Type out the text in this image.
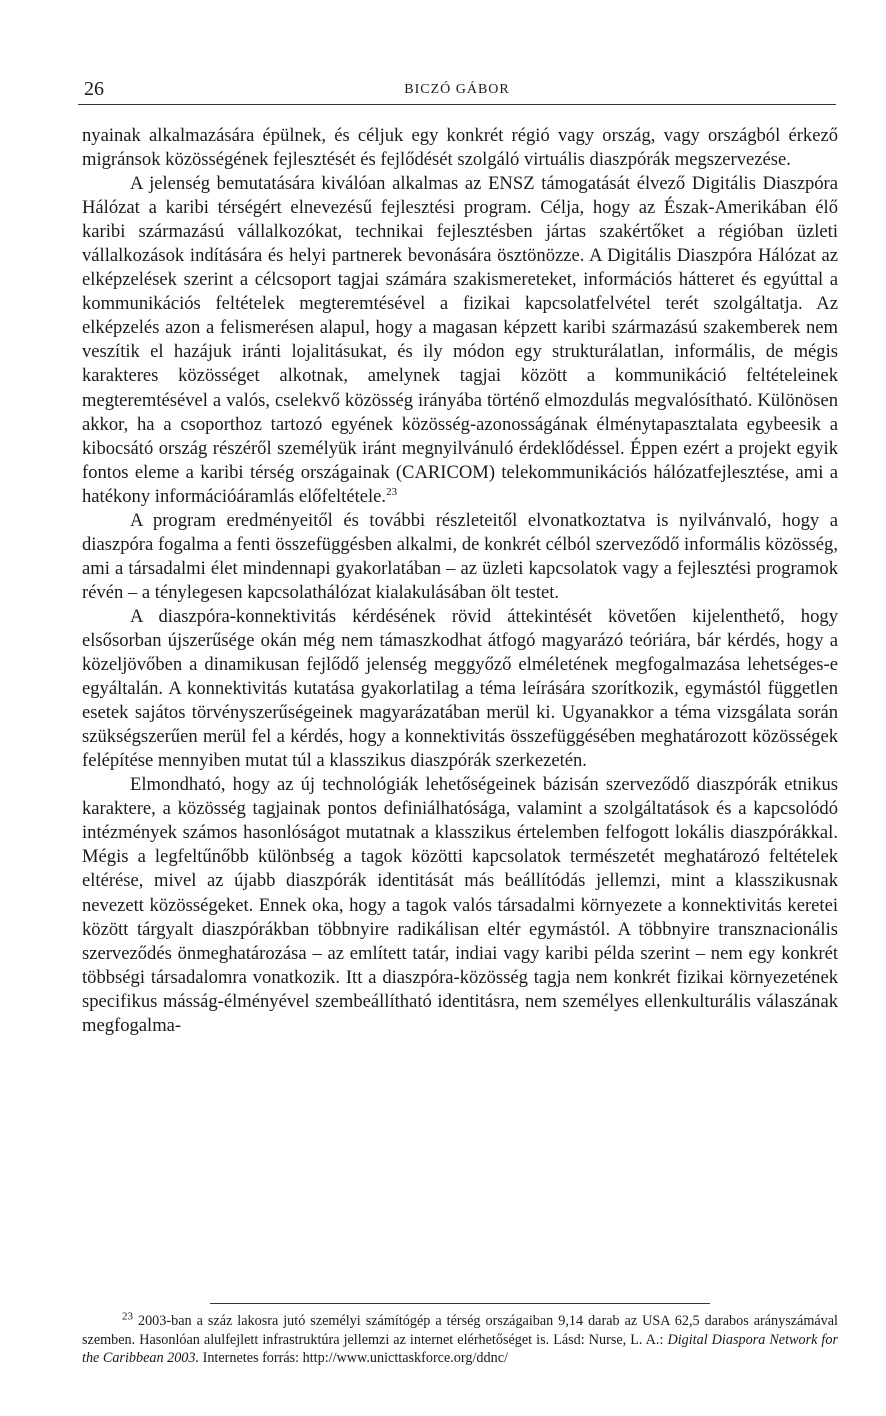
26	BICZÓ GÁBOR

nyainak alkalmazására épülnek, és céljuk egy konkrét régió vagy ország, vagy országból érkező migránsok közösségének fejlesztését és fejlődését szolgáló virtuális diaszpórák megszervezése.

A jelenség bemutatására kiválóan alkalmas az ENSZ támogatását élvező Digitális Diaszpóra Hálózat a karibi térségért elnevezésű fejlesztési program. Célja, hogy az Észak-Amerikában élő karibi származású vállalkozókat, technikai fejlesztésben jártas szakértőket a régióban üzleti vállalkozások indítására és helyi partnerek bevonására ösztönözze. A Digitális Diaszpóra Hálózat az elképzelések szerint a célcsoport tagjai számára szakismereteket, információs hátteret és egyúttal a kommunikációs feltételek megteremtésével a fizikai kapcsolatfelvétel terét szolgáltatja. Az elképzelés azon a felismerésen alapul, hogy a magasan képzett karibi származású szakemberek nem veszítik el hazájuk iránti lojalitásukat, és ily módon egy strukturálatlan, informális, de mégis karakteres közösséget alkotnak, amelynek tagjai között a kommunikáció feltételeinek megteremtésével a valós, cselekvő közösség irányába történő elmozdulás megvalósítható. Különösen akkor, ha a csoporthoz tartozó egyének közösség-azonosságának élménytapasztalata egybeesik a kibocsátó ország részéről személyük iránt megnyilvánuló érdeklődéssel. Éppen ezért a projekt egyik fontos eleme a karibi térség országainak (CARICOM) telekommunikációs hálózatfejlesztése, ami a hatékony információáramlás előfeltétele.$^{23}$

A program eredményeitől és további részleteitől elvonatkoztatva is nyilvánvaló, hogy a diaszpóra fogalma a fenti összefüggésben alkalmi, de konkrét célból szerveződő informális közösség, ami a társadalmi élet mindennapi gyakorlatában – az üzleti kapcsolatok vagy a fejlesztési programok révén – a ténylegesen kapcsolathálózat kialakulásában ölt testet.

A diaszpóra-konnektivitás kérdésének rövid áttekintését követően kijelenthető, hogy elsősorban újszerűsége okán még nem támaszkodhat átfogó magyarázó teóriára, bár kérdés, hogy a közeljövőben a dinamikusan fejlődő jelenség meggyőző elméletének megfogalmazása lehetséges-e egyáltalán. A konnektivitás kutatása gyakorlatilag a téma leírására szorítkozik, egymástól független esetek sajátos törvényszerűségeinek magyarázatában merül ki. Ugyanakkor a téma vizsgálata során szükségszerűen merül fel a kérdés, hogy a konnektivitás összefüggésében meghatározott közösségek felépítése mennyiben mutat túl a klasszikus diaszpórák szerkezetén.

Elmondható, hogy az új technológiák lehetőségeinek bázisán szerveződő diaszpórák etnikus karaktere, a közösség tagjainak pontos definiálhatósága, valamint a szolgáltatások és a kapcsolódó intézmények számos hasonlóságot mutatnak a klasszikus értelemben felfogott lokális diaszpórákkal. Mégis a legfeltűnőbb különbség a tagok közötti kapcsolatok természetét meghatározó feltételek eltérése, mivel az újabb diaszpórák identitását más beállítódás jellemzi, mint a klasszikusnak nevezett közösségeket. Ennek oka, hogy a tagok valós társadalmi környezete a konnektivitás keretei között tárgyalt diaszpórákban többnyire radikálisan eltér egymástól. A többnyire transznacionális szerveződés önmeghatározása – az említett tatár, indiai vagy karibi példa szerint – nem egy konkrét többségi társadalomra vonatkozik. Itt a diaszpóra-közösség tagja nem konkrét fizikai környezetének specifikus másság-élményével szembeállítható identitásra, nem személyes ellenkulturális válaszának megfogalma-

$^{23}$ 2003-ban a száz lakosra jutó személyi számítógép a térség országaiban 9,14 darab az USA 62,5 darabos arányszámával szemben. Hasonlóan alulfejlett infrastruktúra jellemzi az internet elérhetőséget is. Lásd: Nurse, L. A.: Digital Diaspora Network for the Caribbean 2003. Internetes forrás: http://www.unicttaskforce.org/ddnc/
